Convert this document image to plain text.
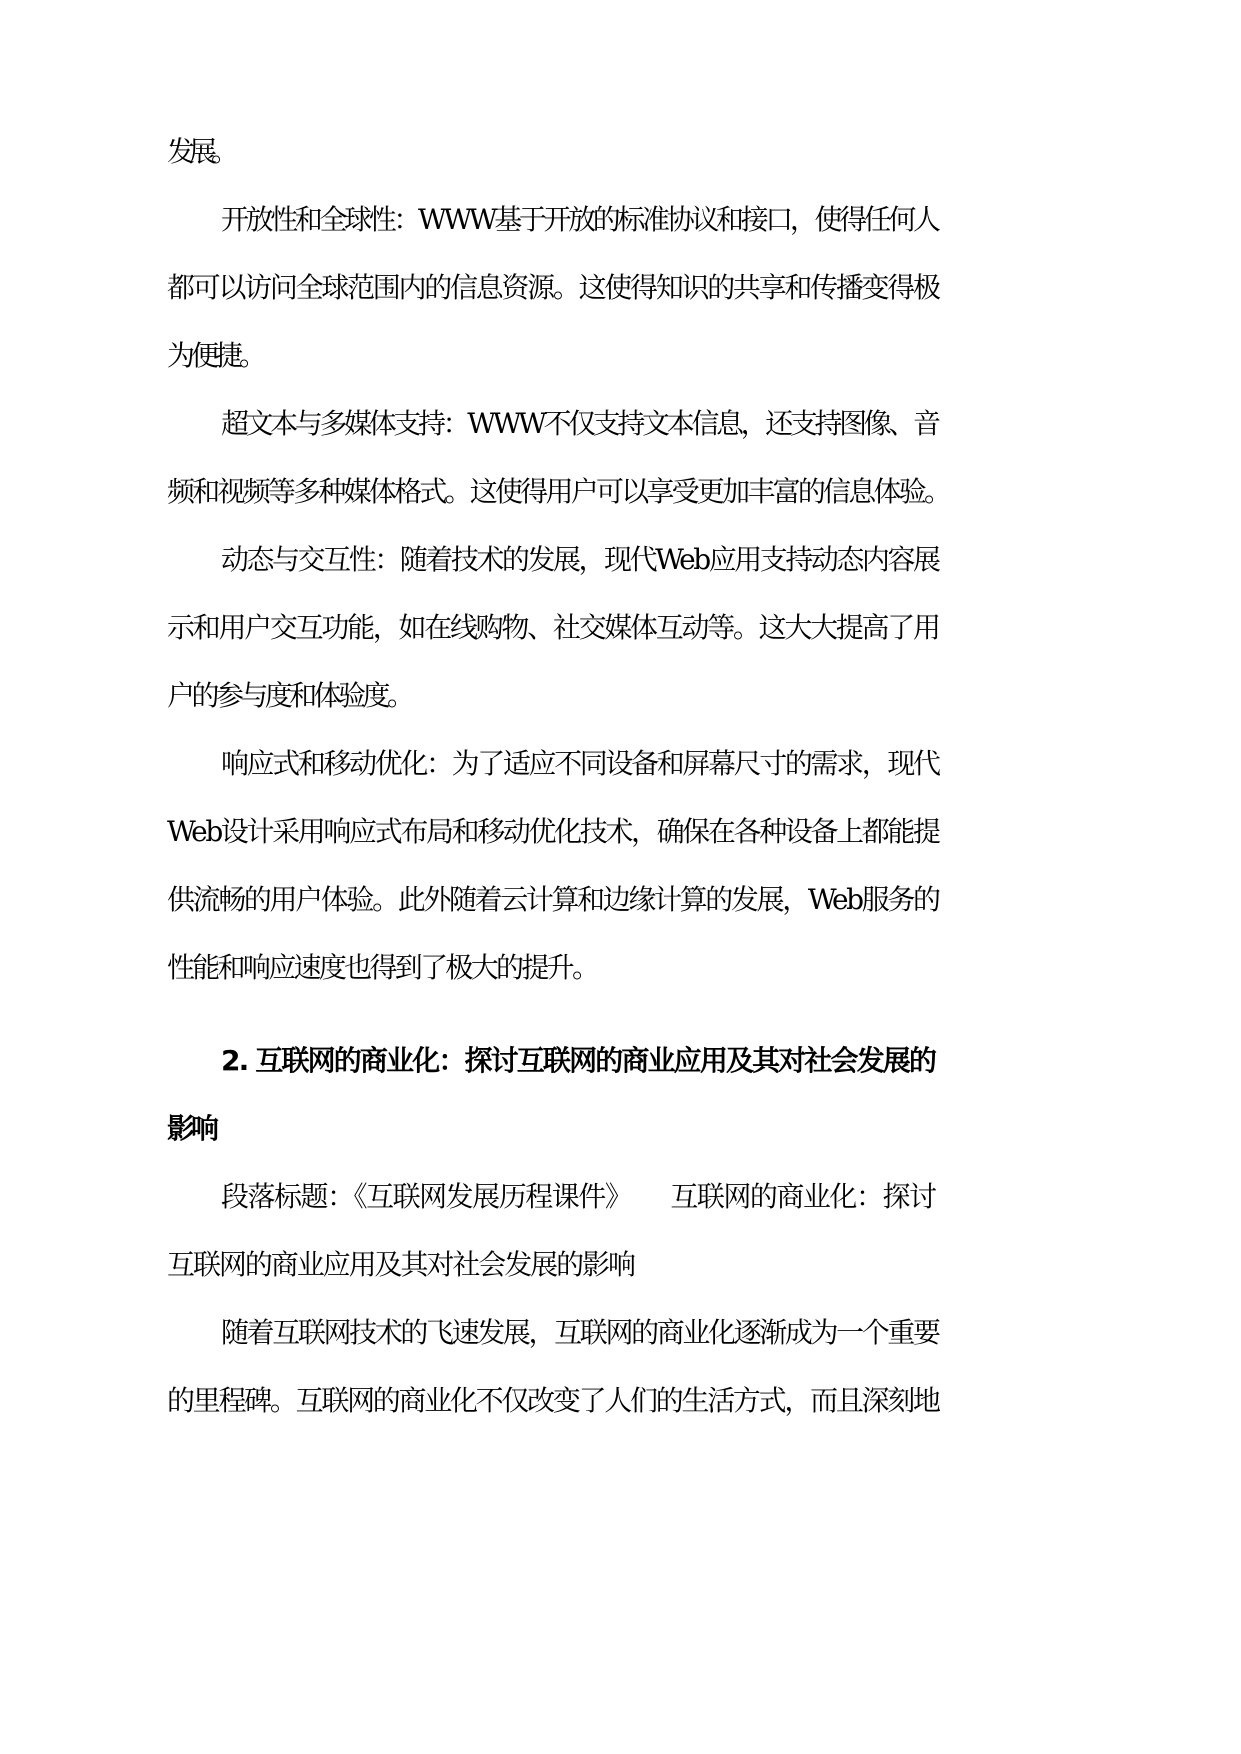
发展。
开放性和全球性：WWW基于开放的标准协议和接口，使得任何人
都可以访问全球范围内的信息资源。这使得知识的共享和传播变得极
为便捷。
超文本与多媒体支持：WWW不仅支持文本信息，还支持图像、音
频和视频等多种媒体格式。这使得用户可以享受更加丰富的信息体验。
动态与交互性：随着技术的发展，现代Web应用支持动态内容展
示和用户交互功能，如在线购物、社交媒体互动等。这大大提高了用
户的参与度和体验度。
响应式和移动优化：为了适应不同设备和屏幕尺寸的需求，现代
Web设计采用响应式布局和移动优化技术，确保在各种设备上都能提
供流畅的用户体验。此外随着云计算和边缘计算的发展，Web服务的
性能和响应速度也得到了极大的提升。
2. 互联网的商业化：探讨互联网的商业应用及其对社会发展的
影响
段落标题：《互联网发展历程课件》　　互联网的商业化：探讨
互联网的商业应用及其对社会发展的影响
随着互联网技术的飞速发展，互联网的商业化逐渐成为一个重要
的里程碑。互联网的商业化不仅改变了人们的生活方式，而且深刻地
